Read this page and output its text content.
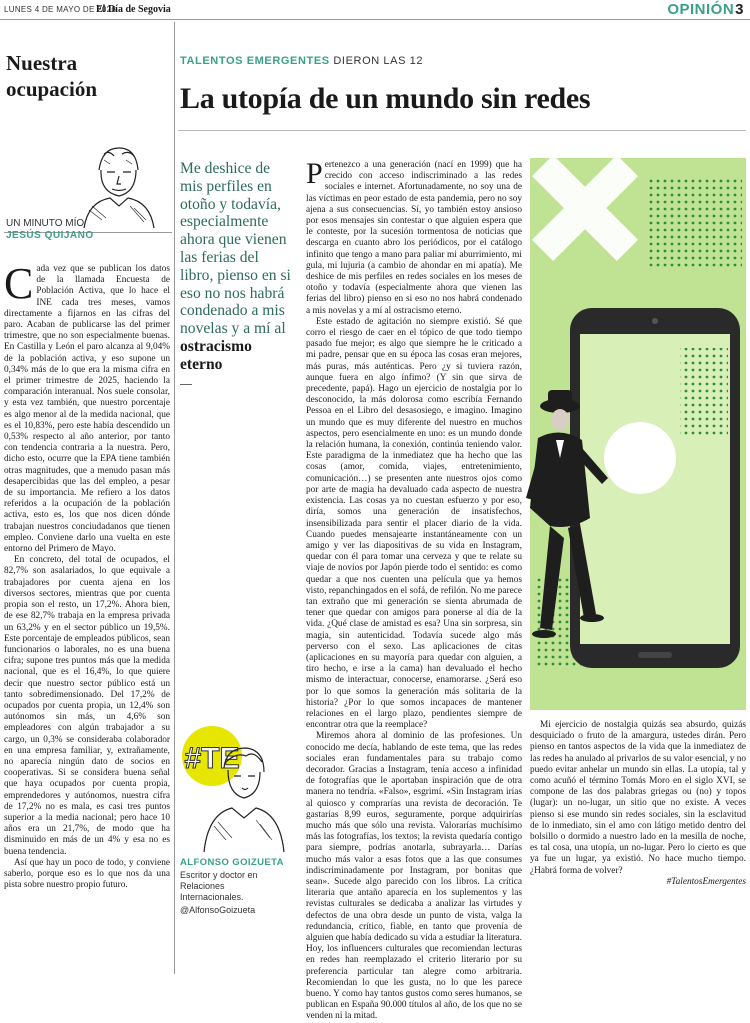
LUNES 4 DE MAYO DE 2026
El Día de Segovia	OPINIÓN3
Nuestra
ocupación
UN MINUTO MÍO
JESÚS QUIJANO

Cada vez que se publican los datos de la llamada Encuesta de Población Activa, que lo hace el INE cada tres meses, vamos directamente a fijarnos en las cifras del paro. Acaban de publicarse las del primer trimestre, que no son especialmente buenas. En Castilla y León el paro alcanza al 9,04% de la población activa, y eso supone un 0,34% más de lo que era la misma cifra en el primer trimestre de 2025, haciendo la comparación interanual. Nos suele consolar, y esta vez también, que nuestro porcentaje es algo menor al de la medida nacional, que es el 10,83%, pero este había descendido un 0,53% respecto al año anterior, por tanto con tendencia contraria a la nuestra. Pero, dicho esto, ocurre que la EPA tiene también otras magnitudes, que a menudo pasan más desapercibidas que las del empleo, a pesar de su importancia. Me refiero a los datos referidos a la ocupación de la población activa, esto es, los que nos dicen dónde trabajan nuestros conciudadanos que tienen empleo. Conviene darlo una vuelta en este entorno del Primero de Mayo.

En concreto, del total de ocupados, el 82,7% son asalariados, lo que equivale a trabajadores por cuenta ajena en los diversos sectores, mientras que por cuenta propia son el resto, un 17,2%. Ahora bien, de ese 82,7% trabaja en la empresa privada un 63,2% y en el sector público un 19,5%. Este porcentaje de empleados públicos, sean funcionarios o laborales, no es una buena cifra; supone tres puntos más que la medida nacional, que es el 16,4%, lo que quiere decir que nuestro sector público está un tanto sobredimensionado. Del 17,2% de ocupados por cuenta propia, un 12,4% son autónomos sin más, un 4,6% son empleadores con algún trabajador a su cargo, un 0,3% se consideraba colaborador en una empresa familiar, y, extrañamente, no aparecía ningún dato de socios en cooperativas. Si se considera buena señal que haya ocupados por cuenta propia, emprendedores y autónomos, nuestra cifra de 17,2% no es mala, es casi tres puntos superior a la media nacional; pero hace 10 años era un 21,7%, de modo que ha disminuido en más de un 4% y esa no es buena tendencia.

Así que hay un poco de todo, y conviene saberlo, porque eso es lo que nos da una pista sobre nuestro propio futuro.

TALENTOS EMERGENTES DIERON LAS 12
La utopía de un mundo sin redes
Me deshice de mis perfiles en otoño y todavía, especialmente ahora que vienen las ferias del libro, pienso en si eso no nos habrá condenado a mis novelas y a mí al ostracismo eterno

Pertenezco a una generación (nací en 1999) que ha crecido con acceso indiscriminado a las redes sociales e internet. Afortunadamente, no soy una de las víctimas en peor estado de esta pandemia, pero no soy ajena a sus consecuencias. Sí, yo también estoy ansioso por esos mensajes sin contestar o que alguien espera que le conteste, por la sucesión tormentosa de noticias que descarga en cuanto abro los periódicos, por el catálogo infinito que tengo a mano para paliar mi aburrimiento, mi gula, mi lujuria (a cambio de ahondar en mi apatía). Me deshice de mis perfiles en redes sociales en los meses de otoño y todavía (especialmente ahora que vienen las ferias del libro) pienso en si eso no nos habrá condenado a mis novelas y a mí al ostracismo eterno.

Este estado de agitación no siempre existió. Sé que corro el riesgo de caer en el tópico de que todo tiempo pasado fue mejor; es algo que siempre he le criticado a mi padre, pensar que en su época las cosas eran mejores, más puras, más auténticas. Pero ¿y si tuviera razón, aunque fuera en algo ínfimo? (Y sin que sirva de precedente, papá). Hago un ejercicio de nostalgia por lo desconocido, la más dolorosa como escribía Fernando Pessoa en el Libro del desasosiego, e imagino. Imagino un mundo que es muy diferente del nuestro en muchos aspectos, pero esencialmente en uno: es un mundo donde la relación humana, la conexión, continúa teniendo valor. Este paradigma de la inmediatez que ha hecho que las cosas (amor, comida, viajes, entretenimiento, comunicación…) se presenten ante nuestros ojos como por arte de magia ha devaluado cada aspecto de nuestra existencia. Las cosas ya no cuestan esfuerzo y por eso, diría, somos una generación de insatisfechos, insensibilizada para sentir el placer diario de la vida. Cuando puedes mensajearte instantáneamente con un amigo y ver las diapositivas de su vida en Instagram, quedar con él para tomar una cerveza y que te relate su viaje de novios por Japón pierde todo el sentido: es como quedar a que nos cuenten una película que ya hemos visto, repanchingados en el sofá, de refilón. No me parece tan extraño que mi generación se sienta abrumada de tener que quedar con amigos para ponerse al día de la vida. ¿Qué clase de amistad es esa? Una sin sorpresa, sin magia, sin autenticidad. Todavía sucede algo más perverso con el sexo. Las aplicaciones de citas (aplicaciones en su mayoría para quedar con alguien, a tiro hecho, e irse a la cama) han devaluado el hecho mismo de interactuar, conocerse, enamorarse. ¿Será eso por lo que somos la generación más solitaria de la historia? ¿Por lo que somos incapaces de mantener relaciones en el largo plazo, pendientes siempre de encontrar otra que la reemplace?

Miremos ahora al dominio de las profesiones. Un conocido me decía, hablando de este tema, que las redes sociales eran fundamentales para su trabajo como decorador. Gracias a Instagram, tenía acceso a infinidad de fotografías que le aportaban inspiración que de otra manera no tendría. «Falso», esgrimí. «Sin Instagram irías al quiosco y comprarías una revista de decoración. Te gastarías 8,99 euros, seguramente, porque adquirirías mucho más que sólo una revista. Valorarías muchísimo más las fotografías, los textos; la revista quedaría contigo para siempre, podrías anotarla, subrayarla… Darías mucho más valor a esas fotos que a las que consumes indiscriminadamente por Instagram, por bonitas que sean». Sucede algo parecido con los libros. La crítica literaria que antaño aparecía en los suplementos y las revistas culturales se dedicaba a analizar las virtudes y defectos de una obra desde un punto de vista, valga la redundancia, crítico, fiable, en tanto que provenía de alguien que había dedicado su vida a estudiar la literatura. Hoy, los influencers culturales que recomiendan lecturas en redes han reemplazado el criterio literario por su preferencia particular tan alegre como arbitraria. Recomiendan lo que les gusta, no lo que les parece bueno. Y como hay tantos gustos como seres humanos, se publican en España 90.000 títulos al año, de los que no se venden ni la mitad.

Mi ejercicio de nostalgia quizás sea absurdo, quizás desquiciado o fruto de la amargura, ustedes dirán. Pero pienso en tantos aspectos de la vida que la inmediatez de las redes ha anulado al privarlos de su valor esencial, y no puedo evitar anhelar un mundo sin ellas. La utopía, tal y como acuñó el término Tomás Moro en el siglo XVI, se compone de las dos palabras griegas ou (no) y topos (lugar): un no-lugar, un sitio que no existe. A veces pienso si ese mundo sin redes sociales, sin la esclavitud de lo inmediato, sin el amo con látigo metido dentro del bolsillo o dormido a nuestro lado en la mesilla de noche, es tal cosa, una utopía, un no-lugar. Pero lo cierto es que ya fue un lugar, ya existió. No hace mucho tiempo. ¿Habrá forma de volver?

#TalentosEmergentes
#TE
ALFONSO GOIZUETA
Escritor y doctor en Relaciones Internacionales.
@AlfonsoGoizueta
